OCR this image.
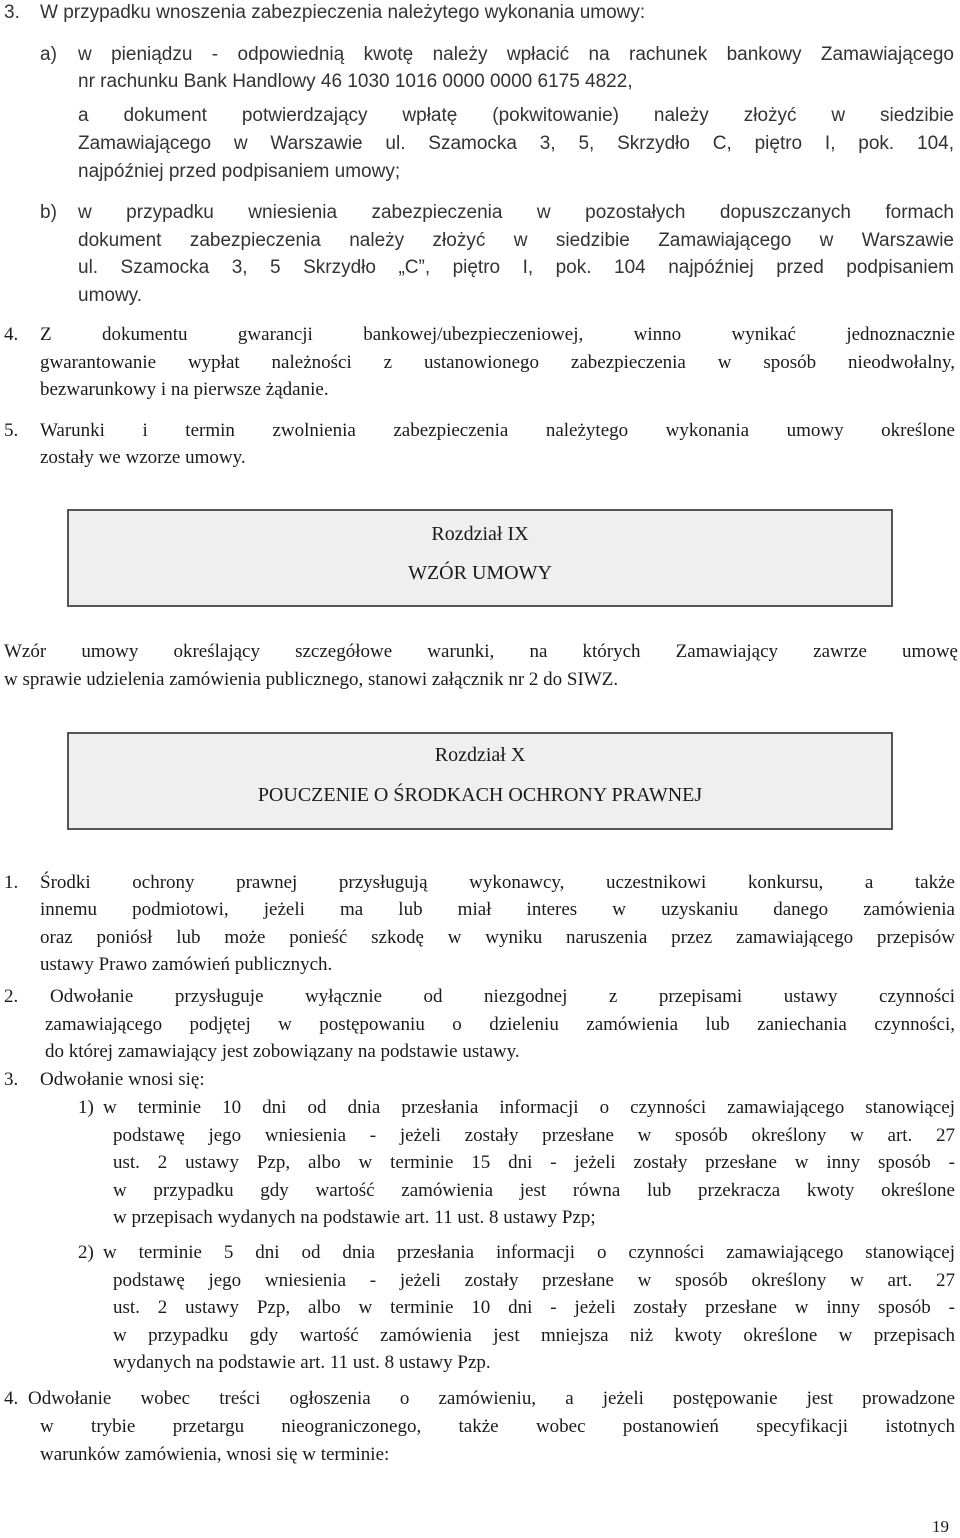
3. W przypadku wnoszenia zabezpieczenia należytego wykonania umowy:
a) w pieniądzu - odpowiednią kwotę należy wpłacić na rachunek bankowy Zamawiającego
nr rachunku Bank Handlowy 46 1030 1016 0000 0000 6175 4822,
a dokument potwierdzający wpłatę (pokwitowanie) należy złożyć w siedzibie
Zamawiającego w Warszawie ul. Szamocka 3, 5, Skrzydło C, piętro I, pok. 104,
najpóźniej przed podpisaniem umowy;
b) w przypadku wniesienia zabezpieczenia w pozostałych dopuszczanych formach
dokument zabezpieczenia należy złożyć w siedzibie Zamawiającego w Warszawie
ul. Szamocka 3, 5 Skrzydło „C”, piętro I, pok. 104 najpóźniej przed podpisaniem
umowy.
4. Z dokumentu gwarancji bankowej/ubezpieczeniowej, winno wynikać jednoznacznie
gwarantowanie wypłat należności z ustanowionego zabezpieczenia w sposób nieodwołalny,
bezwarunkowy i na pierwsze żądanie.
5. Warunki i termin zwolnienia zabezpieczenia należytego wykonania umowy określone
zostały we wzorze umowy.
Rozdział IX
WZÓR UMOWY
Wzór umowy określający szczegółowe warunki, na których Zamawiający zawrze umowę
w sprawie udzielenia zamówienia publicznego, stanowi załącznik nr 2 do SIWZ.
Rozdział X
POUCZENIE O ŚRODKACH OCHRONY PRAWNEJ
1. Środki ochrony prawnej przysługują wykonawcy, uczestnikowi konkursu, a także
innemu podmiotowi, jeżeli ma lub miał interes w uzyskaniu danego zamówienia
oraz poniósł lub może ponieść szkodę w wyniku naruszenia przez zamawiającego przepisów
ustawy Prawo zamówień publicznych.
2. Odwołanie przysługuje wyłącznie od niezgodnej z przepisami ustawy czynności
zamawiającego podjętej w postępowaniu o dzieleniu zamówienia lub zaniechania czynności,
do której zamawiający jest zobowiązany na podstawie ustawy.
3. Odwołanie wnosi się:
1) w terminie 10 dni od dnia przesłania informacji o czynności zamawiającego stanowiącej
podstawę jego wniesienia - jeżeli zostały przesłane w sposób określony w art. 27
ust. 2 ustawy Pzp, albo w terminie 15 dni - jeżeli zostały przesłane w inny sposób -
w przypadku gdy wartość zamówienia jest równa lub przekracza kwoty określone
w przepisach wydanych na podstawie art. 11 ust. 8 ustawy Pzp;
2) w terminie 5 dni od dnia przesłania informacji o czynności zamawiającego stanowiącej
podstawę jego wniesienia - jeżeli zostały przesłane w sposób określony w art. 27
ust. 2 ustawy Pzp, albo w terminie 10 dni - jeżeli zostały przesłane w inny sposób -
w przypadku gdy wartość zamówienia jest mniejsza niż kwoty określone w przepisach
wydanych na podstawie art. 11 ust. 8 ustawy Pzp.
4. Odwołanie wobec treści ogłoszenia o zamówieniu, a jeżeli postępowanie jest prowadzone
w trybie przetargu nieograniczonego, także wobec postanowień specyfikacji istotnych
warunków zamówienia, wnosi się w terminie:
19
